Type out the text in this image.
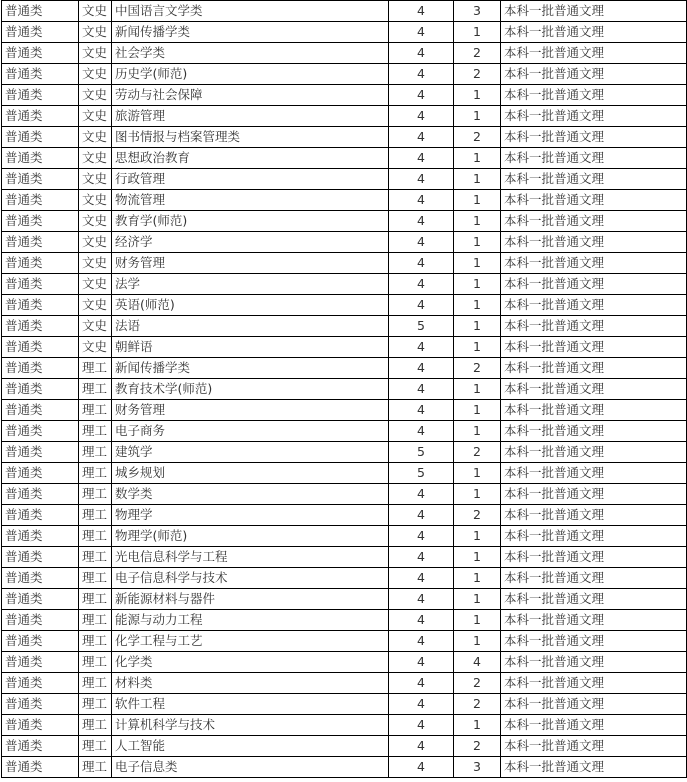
普通类	文史	中国语言文学类	4	3	本科一批普通文理
普通类	文史	新闻传播学类	4	1	本科一批普通文理
普通类	文史	社会学类	4	2	本科一批普通文理
普通类	文史	历史学(师范)	4	2	本科一批普通文理
普通类	文史	劳动与社会保障	4	1	本科一批普通文理
普通类	文史	旅游管理	4	1	本科一批普通文理
普通类	文史	图书情报与档案管理类	4	2	本科一批普通文理
普通类	文史	思想政治教育	4	1	本科一批普通文理
普通类	文史	行政管理	4	1	本科一批普通文理
普通类	文史	物流管理	4	1	本科一批普通文理
普通类	文史	教育学(师范)	4	1	本科一批普通文理
普通类	文史	经济学	4	1	本科一批普通文理
普通类	文史	财务管理	4	1	本科一批普通文理
普通类	文史	法学	4	1	本科一批普通文理
普通类	文史	英语(师范)	4	1	本科一批普通文理
普通类	文史	法语	5	1	本科一批普通文理
普通类	文史	朝鲜语	4	1	本科一批普通文理
普通类	理工	新闻传播学类	4	2	本科一批普通文理
普通类	理工	教育技术学(师范)	4	1	本科一批普通文理
普通类	理工	财务管理	4	1	本科一批普通文理
普通类	理工	电子商务	4	1	本科一批普通文理
普通类	理工	建筑学	5	2	本科一批普通文理
普通类	理工	城乡规划	5	1	本科一批普通文理
普通类	理工	数学类	4	1	本科一批普通文理
普通类	理工	物理学	4	2	本科一批普通文理
普通类	理工	物理学(师范)	4	1	本科一批普通文理
普通类	理工	光电信息科学与工程	4	1	本科一批普通文理
普通类	理工	电子信息科学与技术	4	1	本科一批普通文理
普通类	理工	新能源材料与器件	4	1	本科一批普通文理
普通类	理工	能源与动力工程	4	1	本科一批普通文理
普通类	理工	化学工程与工艺	4	1	本科一批普通文理
普通类	理工	化学类	4	4	本科一批普通文理
普通类	理工	材料类	4	2	本科一批普通文理
普通类	理工	软件工程	4	2	本科一批普通文理
普通类	理工	计算机科学与技术	4	1	本科一批普通文理
普通类	理工	人工智能	4	2	本科一批普通文理
普通类	理工	电子信息类	4	3	本科一批普通文理
